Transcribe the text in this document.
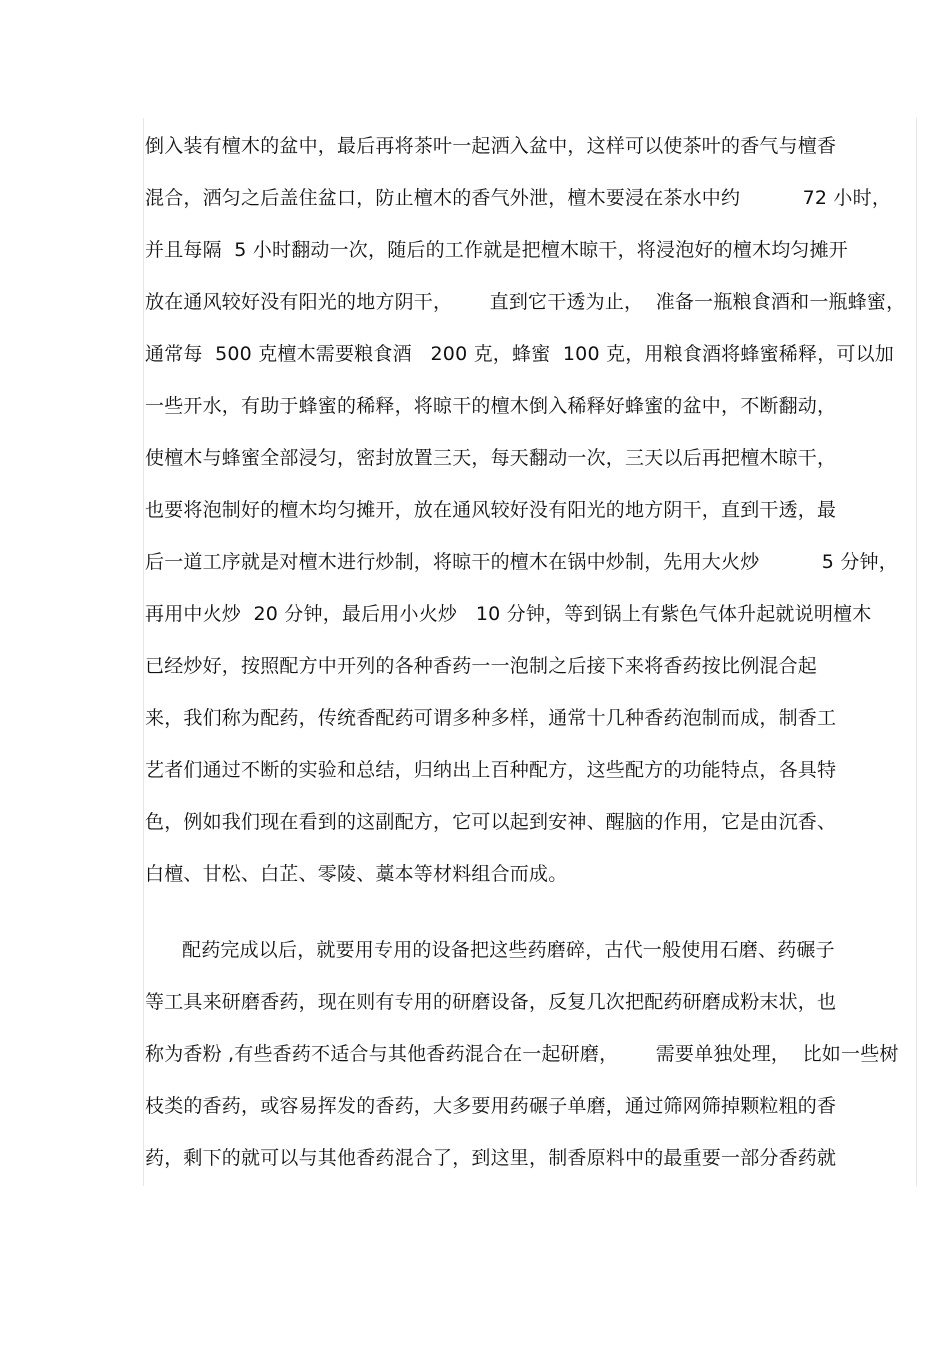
倒入装有檀木的盆中，最后再将茶叶一起洒入盆中，这样可以使茶叶的香气与檀香
混合，洒匀之后盖住盆口，防止檀木的香气外泄，檀木要浸在茶水中约          72 小时，
并且每隔  5 小时翻动一次，随后的工作就是把檀木晾干，将浸泡好的檀木均匀摊开
放在通风较好没有阳光的地方阴干，      直到它干透为止，  准备一瓶粮食酒和一瓶蜂蜜，
通常每  500 克檀木需要粮食酒   200 克，蜂蜜  100 克，用粮食酒将蜂蜜稀释，可以加
一些开水，有助于蜂蜜的稀释，将晾干的檀木倒入稀释好蜂蜜的盆中，不断翻动，
使檀木与蜂蜜全部浸匀，密封放置三天，每天翻动一次，三天以后再把檀木晾干，
也要将泡制好的檀木均匀摊开，放在通风较好没有阳光的地方阴干，直到干透，最
后一道工序就是对檀木进行炒制，将晾干的檀木在锅中炒制，先用大火炒          5 分钟，
再用中火炒  20 分钟，最后用小火炒   10 分钟，等到锅上有紫色气体升起就说明檀木
已经炒好，按照配方中开列的各种香药一一泡制之后接下来将香药按比例混合起
来，我们称为配药，传统香配药可谓多种多样，通常十几种香药泡制而成，制香工
艺者们通过不断的实验和总结，归纳出上百种配方，这些配方的功能特点，各具特
色，例如我们现在看到的这副配方，它可以起到安神、醒脑的作用，它是由沉香、
白檀、甘松、白芷、零陵、藁本等材料组合而成。
配药完成以后，就要用专用的设备把这些药磨碎，古代一般使用石磨、药碾子
等工具来研磨香药，现在则有专用的研磨设备，反复几次把配药研磨成粉末状，也
称为香粉 ,有些香药不适合与其他香药混合在一起研磨，      需要单独处理，  比如一些树
枝类的香药，或容易挥发的香药，大多要用药碾子单磨，通过筛网筛掉颗粒粗的香
药，剩下的就可以与其他香药混合了，到这里，制香原料中的最重要一部分香药就
